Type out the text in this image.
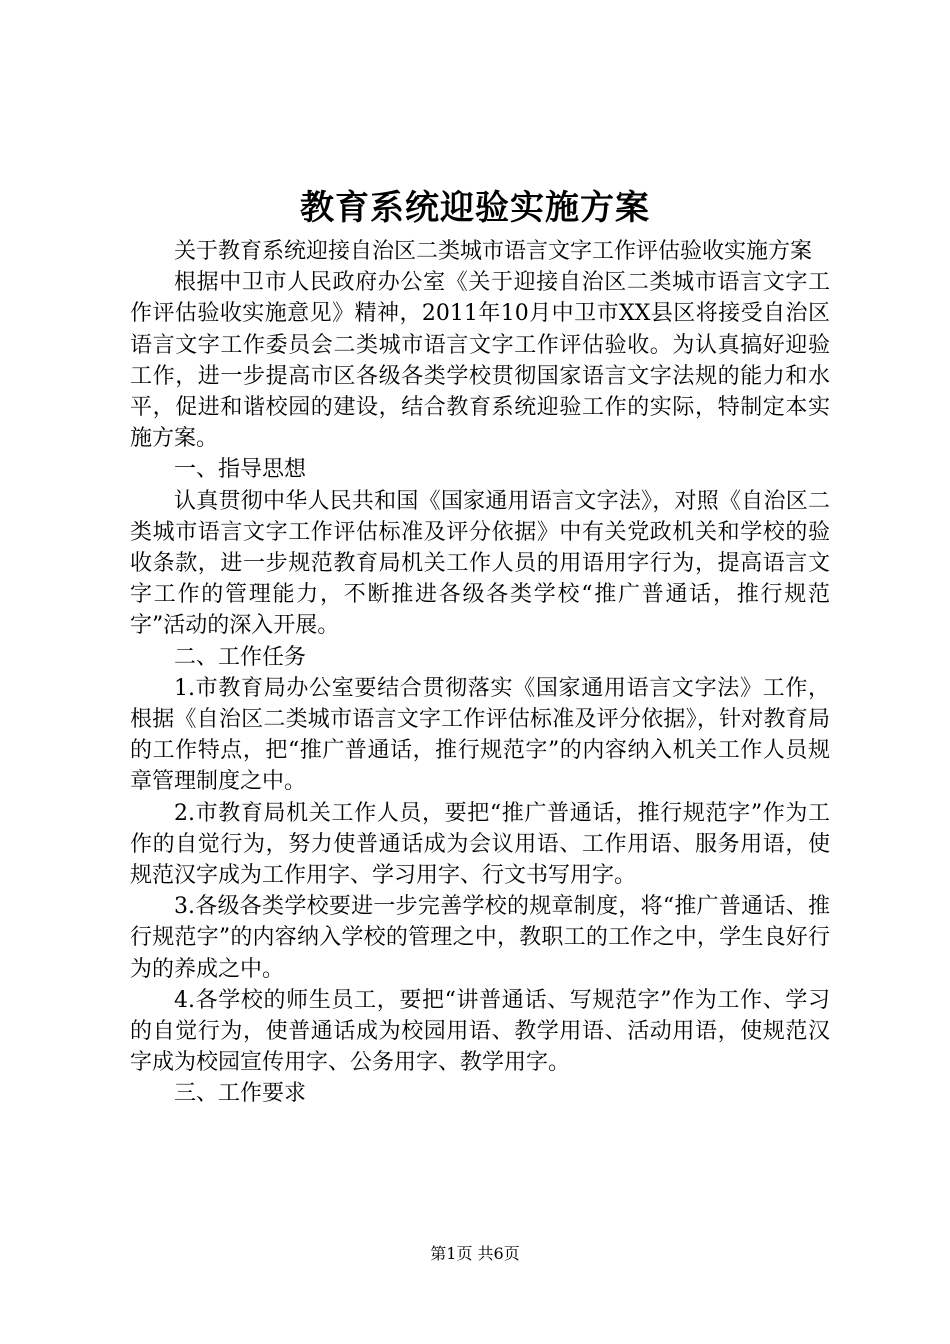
教育系统迎验实施方案

关于教育系统迎接自治区二类城市语言文字工作评估验收实施方案

根据中卫市人民政府办公室《关于迎接自治区二类城市语言文字工作评估验收实施意见》精神，2011年10月中卫市XX县区将接受自治区语言文字工作委员会二类城市语言文字工作评估验收。为认真搞好迎验工作，进一步提高市区各级各类学校贯彻国家语言文字法规的能力和水平，促进和谐校园的建设，结合教育系统迎验工作的实际，特制定本实施方案。

一、指导思想

认真贯彻中华人民共和国《国家通用语言文字法》，对照《自治区二类城市语言文字工作评估标准及评分依据》中有关党政机关和学校的验收条款，进一步规范教育局机关工作人员的用语用字行为，提高语言文字工作的管理能力，不断推进各级各类学校“推广普通话，推行规范字”活动的深入开展。

二、工作任务

1.市教育局办公室要结合贯彻落实《国家通用语言文字法》工作，根据《自治区二类城市语言文字工作评估标准及评分依据》，针对教育局的工作特点，把“推广普通话，推行规范字”的内容纳入机关工作人员规章管理制度之中。

2.市教育局机关工作人员，要把“推广普通话，推行规范字”作为工作的自觉行为，努力使普通话成为会议用语、工作用语、服务用语，使规范汉字成为工作用字、学习用字、行文书写用字。

3.各级各类学校要进一步完善学校的规章制度，将“推广普通话、推行规范字”的内容纳入学校的管理之中，教职工的工作之中，学生良好行为的养成之中。

4.各学校的师生员工，要把“讲普通话、写规范字”作为工作、学习的自觉行为，使普通话成为校园用语、教学用语、活动用语，使规范汉字成为校园宣传用字、公务用字、教学用字。

三、工作要求

第1页 共6页
